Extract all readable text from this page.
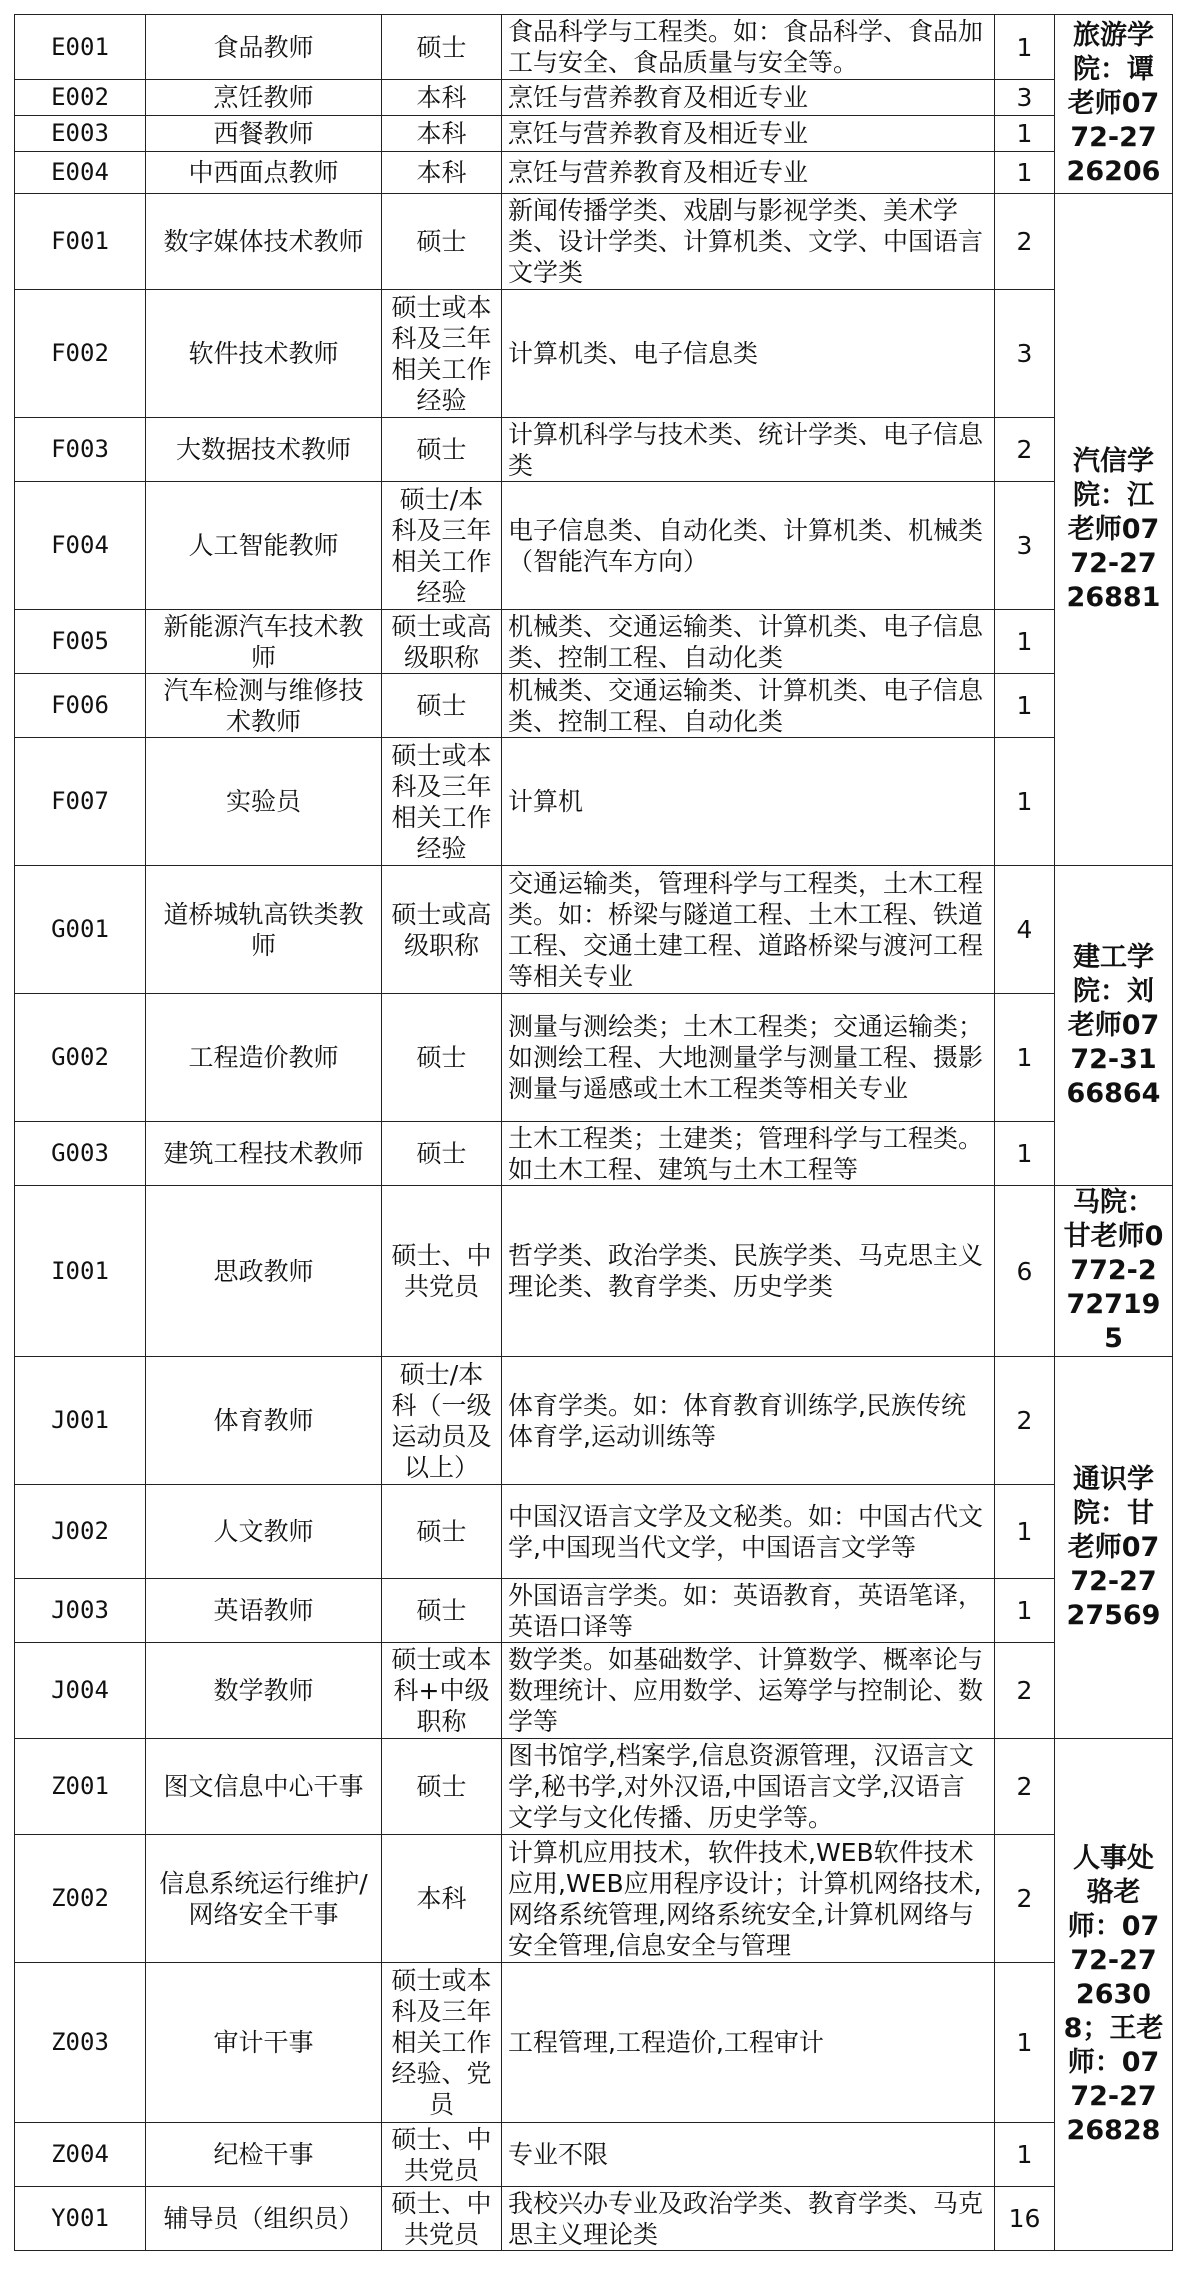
E001	食品教师	硕士	食品科学与工程类。如：食品科学、食品加工与安全、食品质量与安全等。	1	旅游学院：谭老师0772-2726206
E002	烹饪教师	本科	烹饪与营养教育及相近专业	3	
E003	西餐教师	本科	烹饪与营养教育及相近专业	1	
E004	中西面点教师	本科	烹饪与营养教育及相近专业	1	
F001	数字媒体技术教师	硕士	新闻传播学类、戏剧与影视学类、美术学类、设计学类、计算机类、文学、中国语言文学类	2	汽信学院：江老师0772-2726881
F002	软件技术教师	硕士或本科及三年相关工作经验	计算机类、电子信息类	3	
F003	大数据技术教师	硕士	计算机科学与技术类、统计学类、电子信息类	2	
F004	人工智能教师	硕士/本科及三年相关工作经验	电子信息类、自动化类、计算机类、机械类（智能汽车方向）	3	
F005	新能源汽车技术教师	硕士或高级职称	机械类、交通运输类、计算机类、电子信息类、控制工程、自动化类	1	
F006	汽车检测与维修技术教师	硕士	机械类、交通运输类、计算机类、电子信息类、控制工程、自动化类	1	
F007	实验员	硕士或本科及三年相关工作经验	计算机	1	
G001	道桥城轨高铁类教师	硕士或高级职称	交通运输类，管理科学与工程类，土木工程类。如：桥梁与隧道工程、土木工程、铁道工程、交通土建工程、道路桥梁与渡河工程等相关专业	4	建工学院：刘老师0772-3166864
G002	工程造价教师	硕士	测量与测绘类；土木工程类；交通运输类；如测绘工程、大地测量学与测量工程、摄影测量与遥感或土木工程类等相关专业	1	
G003	建筑工程技术教师	硕士	土木工程类；土建类；管理科学与工程类。如土木工程、建筑与土木工程等	1	
I001	思政教师	硕士、中共党员	哲学类、政治学类、民族学类、马克思主义理论类、教育学类、历史学类	6	马院：甘老师0772-2727195
J001	体育教师	硕士/本科（一级运动员及以上）	体育学类。如：体育教育训练学,民族传统体育学,运动训练等	2	通识学院：甘老师0772-2727569
J002	人文教师	硕士	中国汉语言文学及文秘类。如：中国古代文学,中国现当代文学，中国语言文学等	1	
J003	英语教师	硕士	外国语言学类。如：英语教育，英语笔译，英语口译等	1	
J004	数学教师	硕士或本科+中级职称	数学类。如基础数学、计算数学、概率论与数理统计、应用数学、运筹学与控制论、数学等	2	
Z001	图文信息中心干事	硕士	图书馆学,档案学,信息资源管理，汉语言文学,秘书学,对外汉语,中国语言文学,汉语言文学与文化传播、历史学等。	2	人事处骆老师：0772-2726308；王老师：0772-2726828
Z002	信息系统运行维护/网络安全干事	本科	计算机应用技术，软件技术,WEB软件技术应用,WEB应用程序设计；计算机网络技术,网络系统管理,网络系统安全,计算机网络与安全管理,信息安全与管理	2	
Z003	审计干事	硕士或本科及三年相关工作经验、党员	工程管理,工程造价,工程审计	1	
Z004	纪检干事	硕士、中共党员	专业不限	1	
Y001	辅导员（组织员）	硕士、中共党员	我校兴办专业及政治学类、教育学类、马克思主义理论类	16	
